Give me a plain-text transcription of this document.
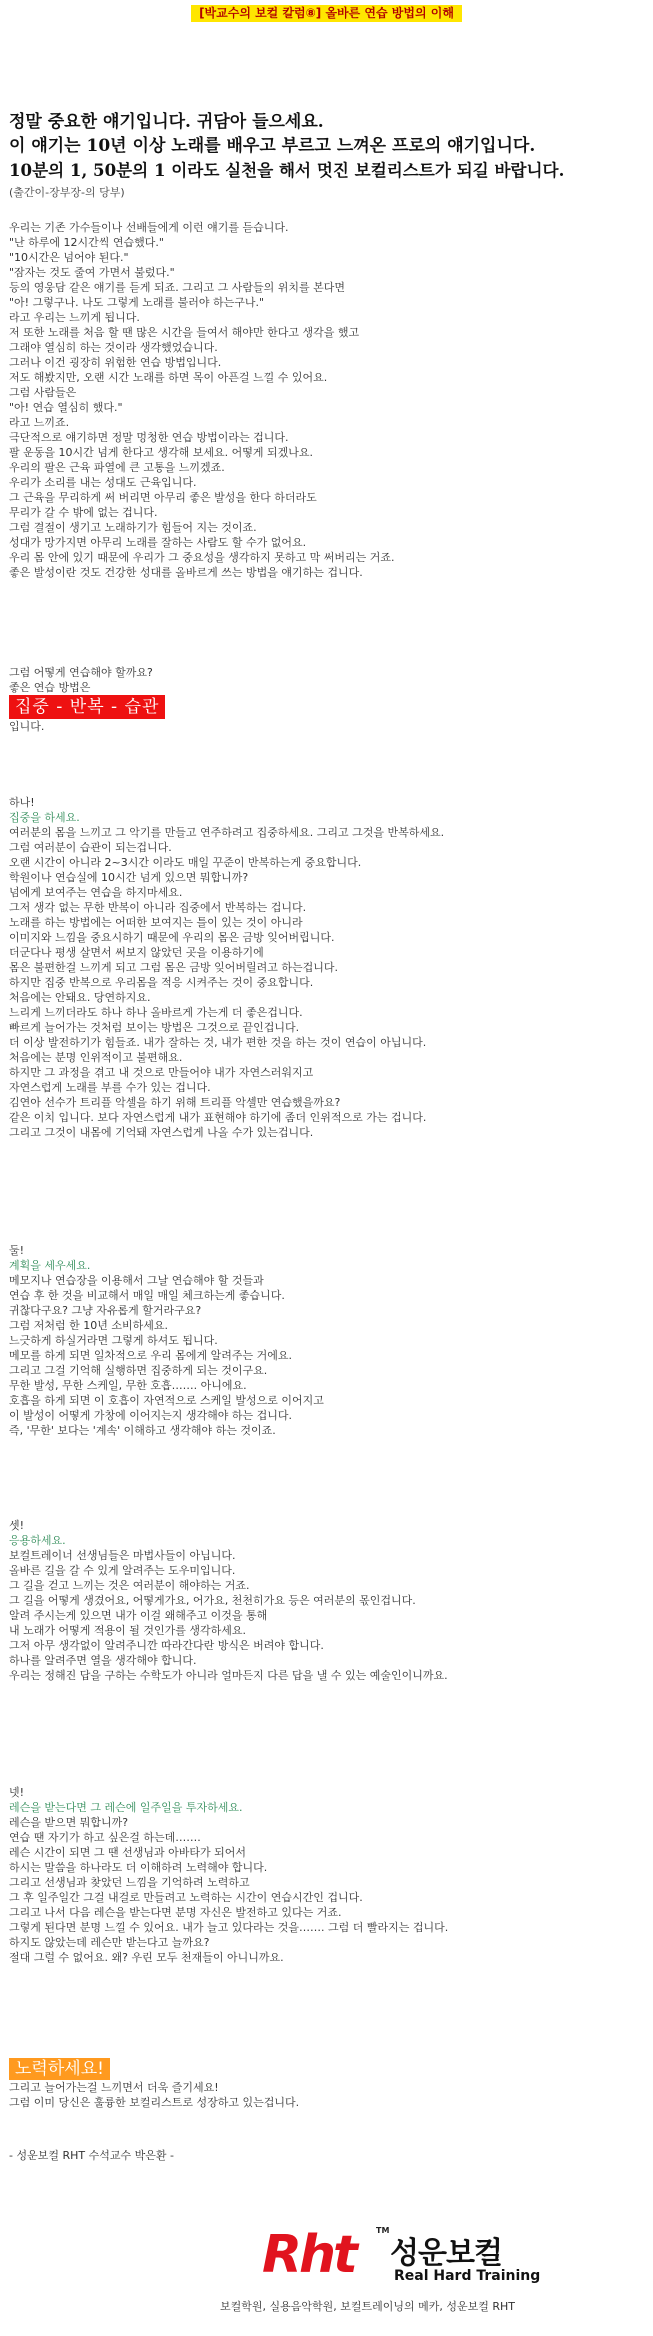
[박교수의 보컬 칼럼⑧] 올바른 연습 방법의 이해
정말 중요한 얘기입니다. 귀담아 들으세요.
이 얘기는 10년 이상 노래를 배우고 부르고 느껴온 프로의 얘기입니다.
10분의 1, 50분의 1 이라도 실천을 해서 멋진 보컬리스트가 되길 바랍니다.
(출간이-장부장-의 당부)
우리는 기존 가수들이나 선배들에게 이런 얘기를 듣습니다.
"난 하루에 12시간씩 연습했다."
"10시간은 넘어야 된다."
"잠자는 것도 줄여 가면서 불렀다."
등의 영웅담 같은 얘기를 듣게 되죠. 그리고 그 사람들의 위치를 본다면
"아! 그렇구나. 나도 그렇게 노래를 불러야 하는구나."
라고 우리는 느끼게 됩니다.
저 또한 노래를 처음 할 땐 많은 시간을 들여서 해야만 한다고 생각을 했고
그래야 열심히 하는 것이라 생각했었습니다.
그러나 이건 굉장히 위험한 연습 방법입니다.
저도 해봤지만, 오랜 시간 노래를 하면 목이 아픈걸 느낄 수 있어요.
그럼 사람들은
"아! 연습 열심히 했다."
라고 느끼죠.
극단적으로 얘기하면 정말 멍청한 연습 방법이라는 겁니다.
팔 운동을 10시간 넘게 한다고 생각해 보세요. 어떻게 되겠나요.
우리의 팔은 근육 파열에 큰 고통을 느끼겠죠.
우리가 소리를 내는 성대도 근육입니다.
그 근육을 무리하게 써 버리면 아무리 좋은 발성을 한다 하더라도
무리가 갈 수 밖에 없는 겁니다.
그럼 결절이 생기고 노래하기가 힘들어 지는 것이죠.
성대가 망가지면 아무리 노래를 잘하는 사람도 할 수가 없어요.
우리 몸 안에 있기 때문에 우리가 그 중요성을 생각하지 못하고 막 써버리는 거죠.
좋은 발성이란 것도 건강한 성대를 올바르게 쓰는 방법을 얘기하는 겁니다.
그럼 어떻게 연습해야 할까요?
좋은 연습 방법은
집중 - 반복 - 습관
입니다.
하나!
집중을 하세요.
여러분의 몸을 느끼고 그 악기를 만들고 연주하려고 집중하세요. 그리고 그것을 반복하세요.
그럼 여러분이 습관이 되는겁니다.
오랜 시간이 아니라 2~3시간 이라도 매일 꾸준이 반복하는게 중요합니다.
학원이나 연습실에 10시간 넘게 있으면 뭐합니까?
넘에게 보여주는 연습을 하지마세요.
그저 생각 없는 무한 반복이 아니라 집중에서 반복하는 겁니다.
노래를 하는 방법에는 어떠한 보여지는 틀이 있는 것이 아니라
이미지와 느낌을 중요시하기 때문에 우리의 몸은 금방 잊어버립니다.
더군다나 평생 살면서 써보지 않았던 곳을 이용하기에
몸은 불편한걸 느끼게 되고 그럼 몸은 금방 잊어버릴려고 하는겁니다.
하지만 집중 반복으로 우리몸을 적응 시켜주는 것이 중요합니다.
처음에는 안돼요. 당연하지요.
느리게 느끼더라도 하나 하나 올바르게 가는게 더 좋은겁니다.
빠르게 늘어가는 것처럼 보이는 방법은 그것으로 끝인겁니다.
더 이상 발전하기가 힘들죠. 내가 잘하는 것, 내가 편한 것을 하는 것이 연습이 아닙니다.
처음에는 분명 인위적이고 불편해요.
하지만 그 과정을 겪고 내 것으로 만들어야 내가 자연스러워지고
자연스럽게 노래를 부를 수가 있는 겁니다.
김연아 선수가 트리플 악셀을 하기 위해 트리플 악셀만 연습했을까요?
같은 이치 입니다. 보다 자연스럽게 내가 표현해야 하기에 좀더 인위적으로 가는 겁니다.
그리고 그것이 내몸에 기억돼 자연스럽게 나올 수가 있는겁니다.
둘!
계획을 세우세요.
메모지나 연습장을 이용해서 그날 연습해야 할 것들과
연습 후 한 것을 비교해서 매일 매일 체크하는게 좋습니다.
귀찮다구요? 그냥 자유롭게 할거라구요?
그럼 저처럼 한 10년 소비하세요.
느긋하게 하실거라면 그렇게 하셔도 됩니다.
메모를 하게 되면 일차적으로 우리 몸에게 알려주는 거에요.
그리고 그걸 기억해 실행하면 집중하게 되는 것이구요.
무한 발성, 무한 스케일, 무한 호흡……. 아니에요.
호흡을 하게 되면 이 호흡이 자연적으로 스케일 발성으로 이어지고
이 발성이 어떻게 가창에 이어지는지 생각해야 하는 겁니다.
즉, '무한' 보다는 '계속' 이해하고 생각해야 하는 것이죠.
셋!
응용하세요.
보컬트레이너 선생님들은 마법사들이 아닙니다.
올바른 길을 갈 수 있게 알려주는 도우미입니다.
그 길을 걷고 느끼는 것은 여러분이 해야하는 거죠.
그 길을 어떻게 생겼어요, 어떻게가요, 어가요, 천천히가요 등은 여러분의 몫인겁니다.
알려 주시는게 있으면 내가 이걸 왜해주고 이것을 통해
내 노래가 어떻게 적용이 될 것인가를 생각하세요.
그저 아무 생각없이 알려주니깐 따라간다란 방식은 버려야 합니다.
하나를 알려주면 열을 생각해야 합니다.
우리는 정해진 답을 구하는 수학도가 아니라 얼마든지 다른 답을 낼 수 있는 예술인이니까요.
넷!
레슨을 받는다면 그 레슨에 일주일을 투자하세요.
레슨을 받으면 뭐합니까?
연습 땐 자기가 하고 싶은걸 하는데…….
레슨 시간이 되면 그 땐 선생님과 아바타가 되어서
하시는 말씀을 하나라도 더 이해하려 노력해야 합니다.
그리고 선생님과 찾았던 느낌을 기억하려 노력하고
그 후 일주일간 그걸 내걸로 만들려고 노력하는 시간이 연습시간인 겁니다.
그리고 나서 다음 레슨을 받는다면 분명 자신은 발전하고 있다는 거죠.
그렇게 된다면 분명 느낄 수 있어요. 내가 늘고 있다라는 것을……. 그럼 더 빨라지는 겁니다.
하지도 않았는데 레슨만 받는다고 늘까요?
절대 그럴 수 없어요. 왜? 우린 모두 천재들이 아니니까요.
노력하세요!
그리고 늘어가는걸 느끼면서 더욱 즐기세요!
그럼 이미 당신은 훌륭한 보컬리스트로 성장하고 있는겁니다.
- 성운보컬 RHT 수석교수 박은환 -
Rht	TM
성운보컬
Real Hard Training
보컬학원, 실용음악학원, 보컬트레이닝의 메카, 성운보컬 RHT
